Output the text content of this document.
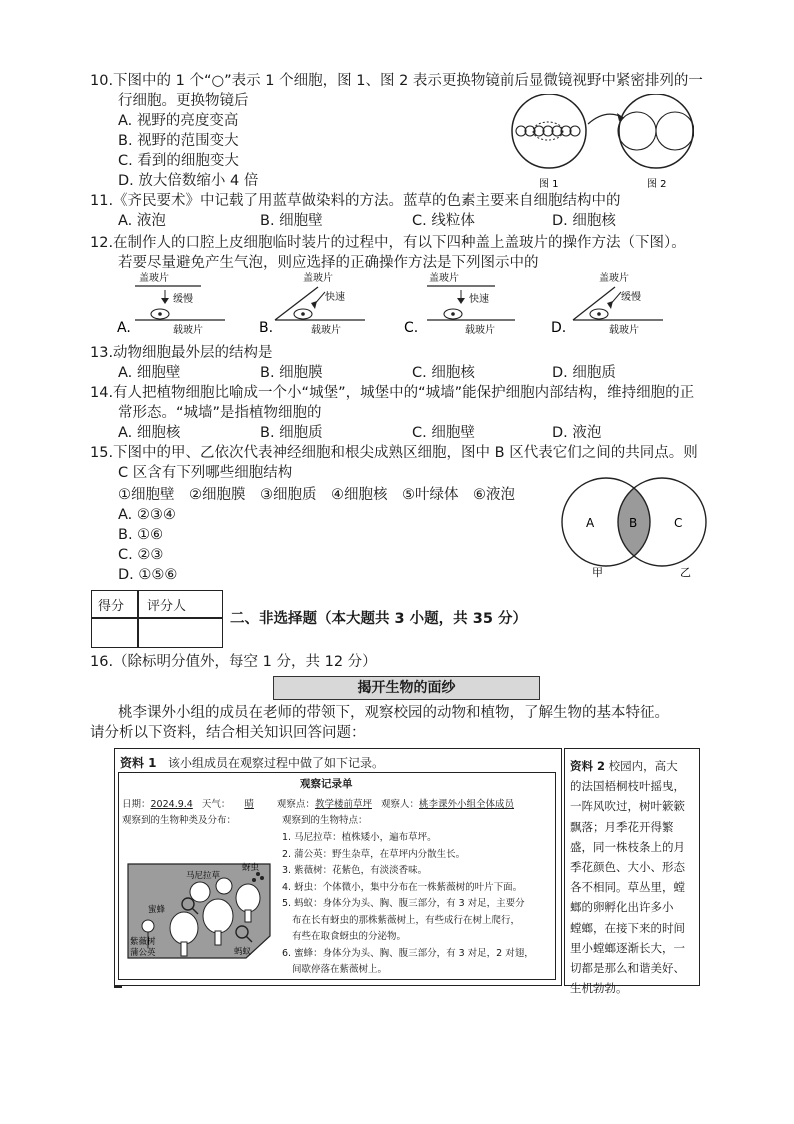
10.下图中的 1 个“○”表示 1 个细胞，图 1、图 2 表示更换物镜前后显微镜视野中紧密排列的一
行细胞。更换物镜后
A. 视野的亮度变高
B. 视野的范围变大
C. 看到的细胞变大
D. 放大倍数缩小 4 倍	图 1	图 2
11.《齐民要术》中记载了用蓝草做染料的方法。蓝草的色素主要来自细胞结构中的
A. 液泡	B. 细胞壁	C. 线粒体	D. 细胞核
12.在制作人的口腔上皮细胞临时装片的过程中，有以下四种盖上盖玻片的操作方法（下图）。
若要尽量避免产生气泡，则应选择的正确操作方法是下列图示中的
A.
盖玻片
缓慢
载玻片	B.
盖玻片
快速
载玻片	C.
盖玻片
快速
载玻片	D.
盖玻片
缓慢
载玻片
13.动物细胞最外层的结构是
A. 细胞壁	B. 细胞膜	C. 细胞核	D. 细胞质
14.有人把植物细胞比喻成一个小“城堡”，城堡中的“城墙”能保护细胞内部结构，维持细胞的正
常形态。“城墙”是指植物细胞的
A. 细胞核	B. 细胞质	C. 细胞壁	D. 液泡
15.下图中的甲、乙依次代表神经细胞和根尖成熟区细胞，图中 B 区代表它们之间的共同点。则
C 区含有下列哪些细胞结构
①细胞壁　②细胞膜　③细胞质　④细胞核　⑤叶绿体　⑥液泡
A. ②③④
B. ①⑥
C. ②③
D. ①⑤⑥
A	B	C
甲	乙
得分 评分人
二、非选择题（本大题共 3 小题，共 35 分）
16.（除标明分值外，每空 1 分，共 12 分）
揭开生物的面纱
桃李课外小组的成员在老师的带领下，观察校园的动物和植物，了解生物的基本特征。
请分析以下资料，结合相关知识回答问题：
资料 1 该小组成员在观察过程中做了如下记录。
观察记录单
日期：2024.9.4 天气： 晴 观察点：教学楼前草坪 观察人：桃李课外小组全体成员
观察到的生物种类及分布：	观察到的生物特点：
1. 马尼拉草：植株矮小，遍布草坪。
2. 蒲公英：野生杂草，在草坪内分散生长。
3. 紫薇树：花紫色，有淡淡香味。
4. 蚜虫：个体微小，集中分布在一株紫薇树的叶片下面。
5. 蚂蚁：身体分为头、胸、腹三部分，有 3 对足，主要分
布在长有蚜虫的那株紫薇树上，有些成行在树上爬行，
有些在取食蚜虫的分泌物。
6. 蜜蜂：身体分为头、胸、腹三部分，有 3 对足，2 对翅，
间歇停落在紫薇树上。
马尼拉草
蚜虫
蜜蜂
紫薇树
蚂蚁
蒲公英
资料 2 校园内，高大
的法国梧桐枝叶摇曳，
一阵风吹过，树叶簌簌
飘落；月季花开得繁
盛，同一株枝条上的月
季花颜色、大小、形态
各不相同。草丛里，螳
螂的卵孵化出许多小
螳螂，在接下来的时间
里小螳螂逐渐长大，一
切都是那么和谐美好、
生机勃勃。
